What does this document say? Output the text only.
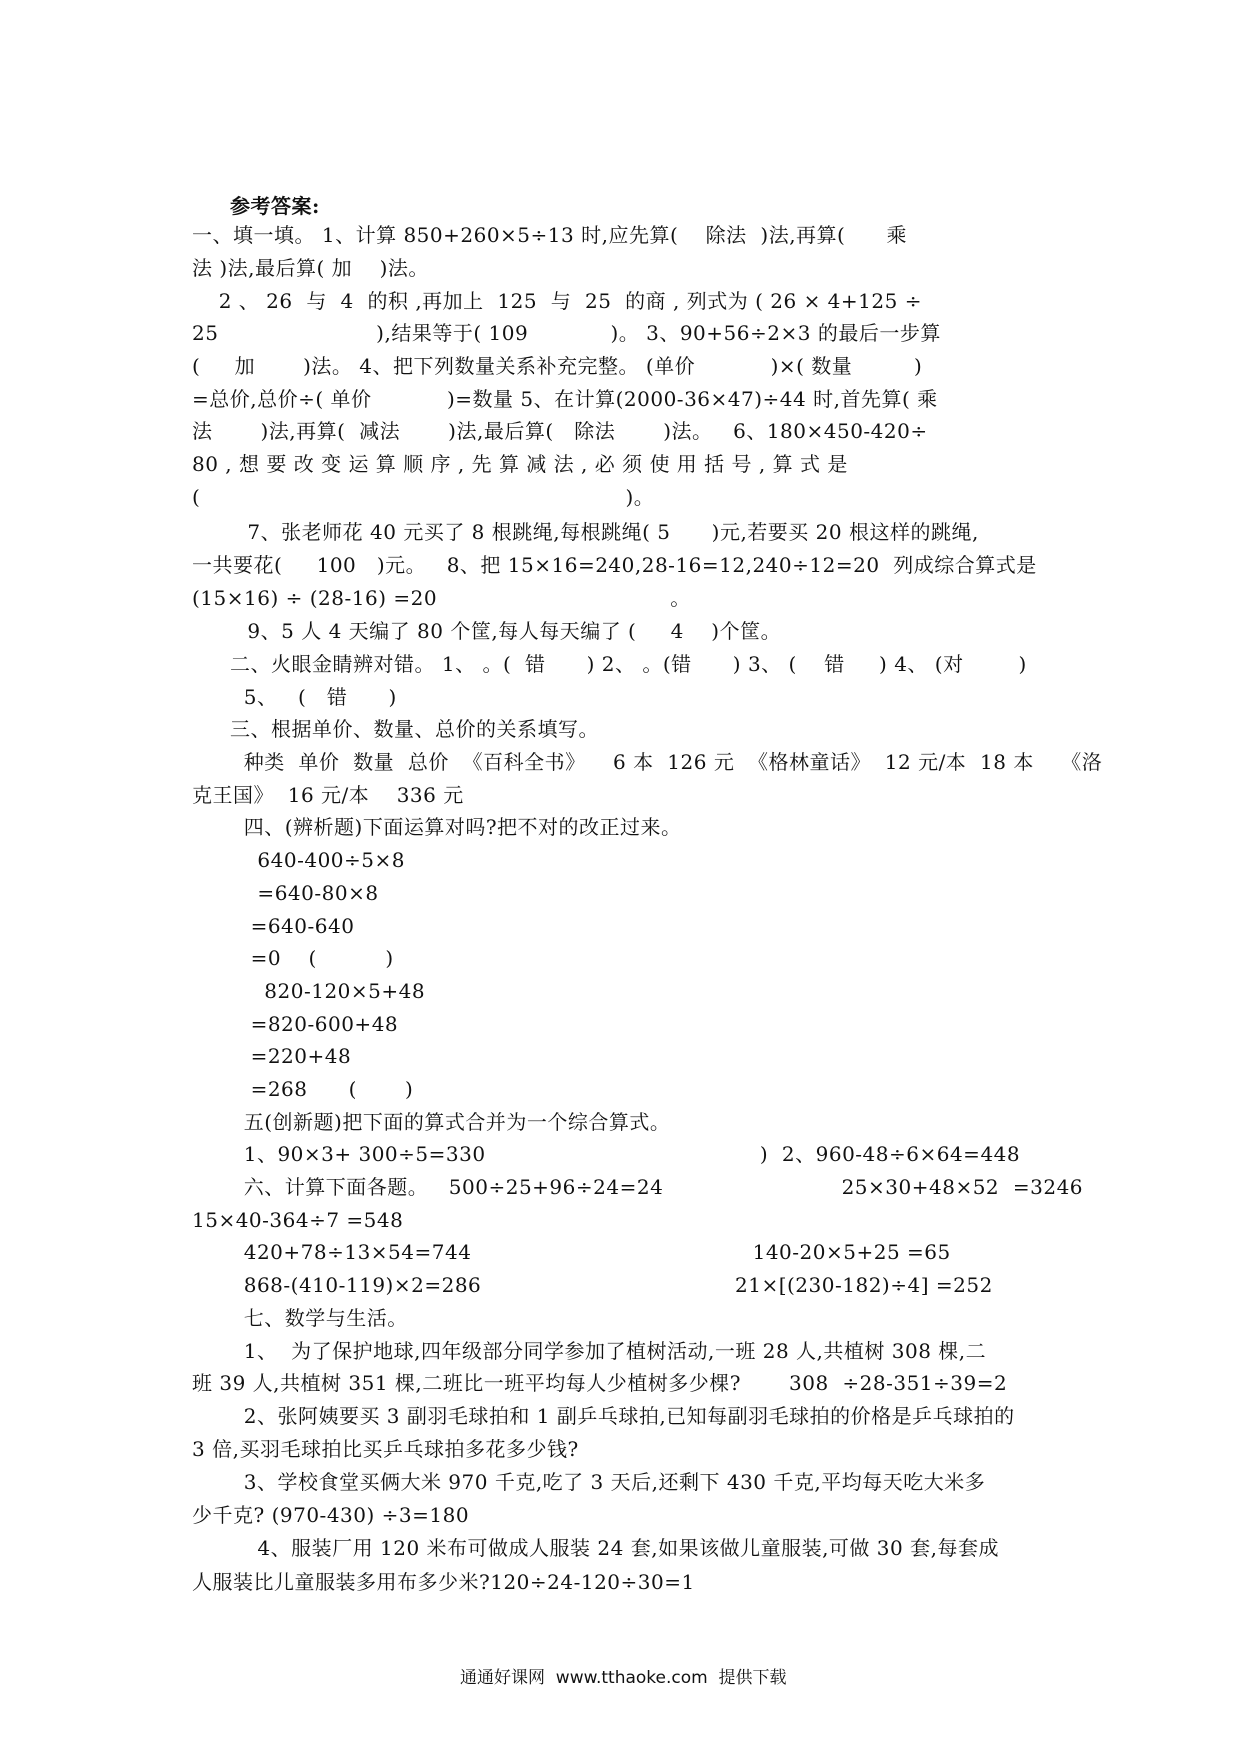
参考答案:
一、填一填。 1、计算 850+260×5÷13 时,应先算(    除法  )法,再算(      乘
法 )法,最后算( 加    )法。
2 、 26  与  4  的积 ,再加上  125  与  25  的商 , 列式为 ( 26 × 4+125 ÷
25                       ),结果等于( 109            )。 3、90+56÷2×3 的最后一步算
(     加       )法。 4、把下列数量关系补充完整。 (单价           )×( 数量         )
=总价,总价÷( 单价           )=数量 5、在计算(2000-36×47)÷44 时,首先算( 乘
法       )法,再算(  减法       )法,最后算(   除法       )法。   6、180×450-420÷
80 , 想 要 改 变 运 算 顺 序 , 先 算 减 法 , 必 须 使 用 括 号 , 算 式 是
(                                                              )。
7、张老师花 40 元买了 8 根跳绳,每根跳绳( 5      )元,若要买 20 根这样的跳绳,
一共要花(     100   )元。   8、把 15×16=240,28-16=12,240÷12=20  列成综合算式是
(15×16) ÷ (28-16) =20                                  。
9、5 人 4 天编了 80 个筐,每人每天编了 (     4    )个筐。
二、火眼金睛辨对错。 1、 。(  错      ) 2、 。(错      ) 3、 (    错     ) 4、 (对        )
5、   (   错      )
三、根据单价、数量、总价的关系填写。
种类  单价  数量  总价  《百科全书》    6 本  126 元  《格林童话》  12 元/本  18 本    《洛
克王国》  16 元/本    336 元
四、(辨析题)下面运算对吗?把不对的改正过来。
640-400÷5×8
=640-80×8
=640-640
=0    (          )
820-120×5+48
=820-600+48
=220+48
=268      (       )
五(创新题)把下面的算式合并为一个综合算式。
1、90×3+ 300÷5=330                                        )  2、960-48÷6×64=448
六、计算下面各题。   500÷25+96÷24=24                          25×30+48×52  =3246
15×40-364÷7 =548
420+78÷13×54=744                                         140-20×5+25 =65
868-(410-119)×2=286                                     21×[(230-182)÷4] =252
七、数学与生活。
1、  为了保护地球,四年级部分同学参加了植树活动,一班 28 人,共植树 308 棵,二
班 39 人,共植树 351 棵,二班比一班平均每人少植树多少棵?       308  ÷28-351÷39=2
2、张阿姨要买 3 副羽毛球拍和 1 副乒乓球拍,已知每副羽毛球拍的价格是乒乓球拍的
3 倍,买羽毛球拍比买乒乓球拍多花多少钱?
3、学校食堂买俩大米 970 千克,吃了 3 天后,还剩下 430 千克,平均每天吃大米多
少千克? (970-430) ÷3=180
4、服装厂用 120 米布可做成人服装 24 套,如果该做儿童服装,可做 30 套,每套成
人服装比儿童服装多用布多少米?120÷24-120÷30=1
通通好课网  www.tthaoke.com  提供下载
